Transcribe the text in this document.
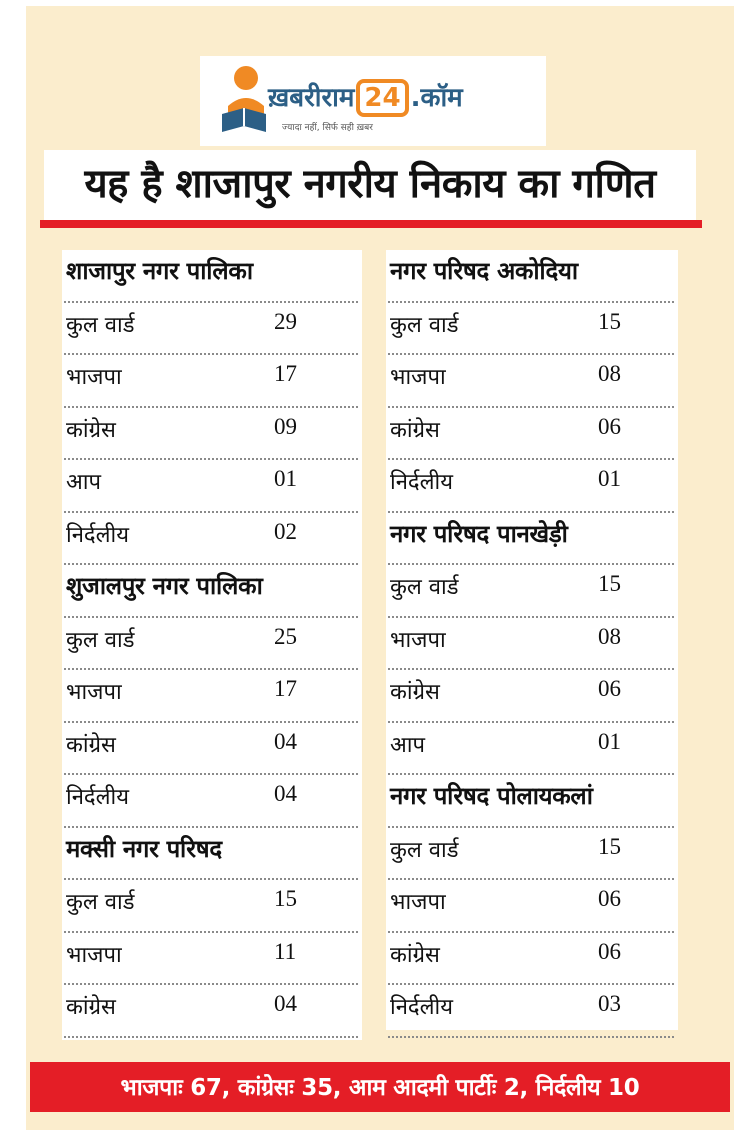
ख़बरीराम 24 .कॉम
ज्यादा नहीं, सिर्फ सही ख़बर
यह है शाजापुर नगरीय निकाय का गणित
भाजपाः 67, कांग्रेसः 35, आम आदमी पार्टीः 2, निर्दलीय 10
शाजापुर नगर पालिका
कुल वार्ड	29
भाजपा	17
कांग्रेस	09
आप	01
निर्दलीय	02
शुजालपुर नगर पालिका
कुल वार्ड	25
भाजपा	17
कांग्रेस	04
निर्दलीय	04
मक्सी नगर परिषद
कुल वार्ड	15
भाजपा	11
कांग्रेस	04
नगर परिषद अकोदिया
कुल वार्ड	15
भाजपा	08
कांग्रेस	06
निर्दलीय	01
नगर परिषद पानखेड़ी
कुल वार्ड	15
भाजपा	08
कांग्रेस	06
आप	01
नगर परिषद पोलायकलां
कुल वार्ड	15
भाजपा	06
कांग्रेस	06
निर्दलीय	03
